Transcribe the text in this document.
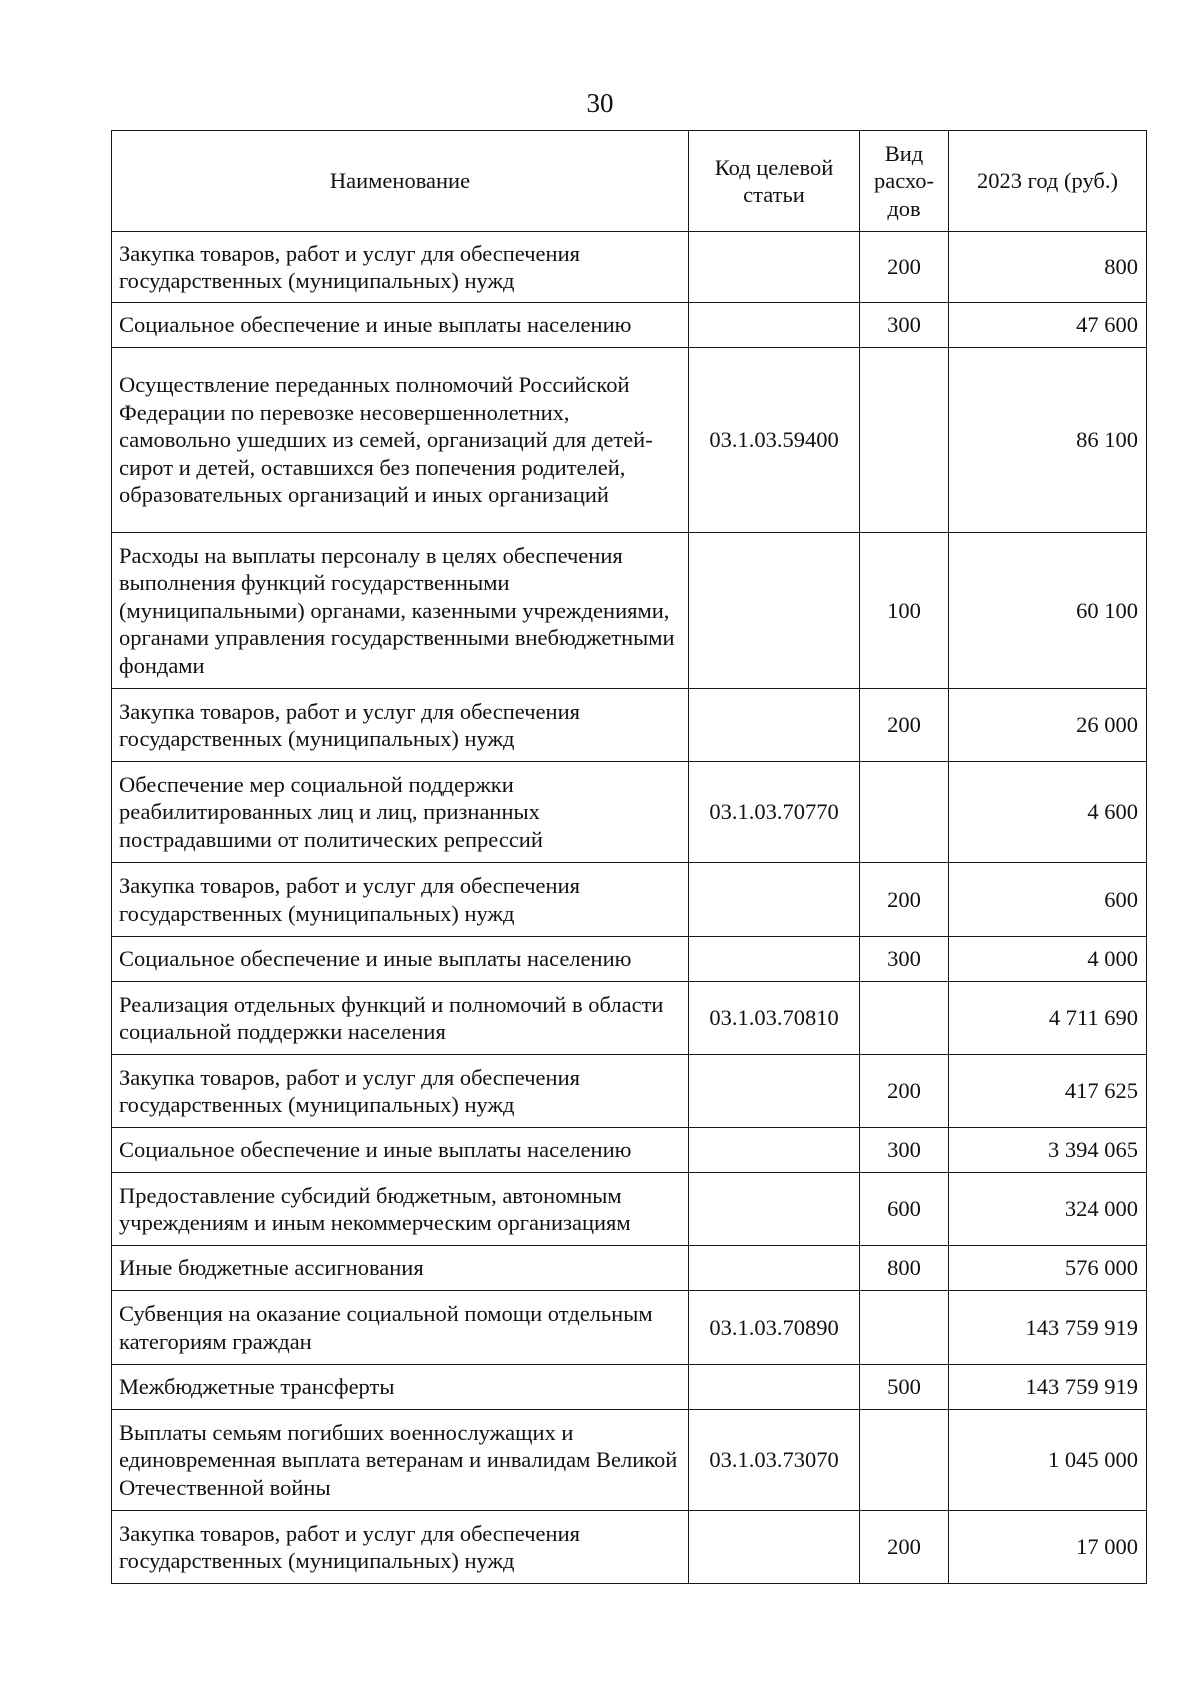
30
Наименование	Код целевой статьи	Вид расхо-дов	2023 год (руб.)
Закупка товаров, работ и услуг для обеспечения государственных (муниципальных) нужд		200	800
Социальное обеспечение и иные выплаты населению		300	47 600
Осуществление переданных полномочий Российской Федерации по перевозке несовершеннолетних, самовольно ушедших из семей, организаций для детей-сирот и детей, оставшихся без попечения родителей, образовательных организаций и иных организаций	03.1.03.59400		86 100
Расходы на выплаты персоналу в целях обеспечения выполнения функций государственными (муниципальными) органами, казенными учреждениями, органами управления государственными внебюджетными фондами		100	60 100
Закупка товаров, работ и услуг для обеспечения государственных (муниципальных) нужд		200	26 000
Обеспечение мер социальной поддержки реабилитированных лиц и лиц, признанных пострадавшими от политических репрессий	03.1.03.70770		4 600
Закупка товаров, работ и услуг для обеспечения государственных (муниципальных) нужд		200	600
Социальное обеспечение и иные выплаты населению		300	4 000
Реализация отдельных функций и полномочий в области социальной поддержки населения	03.1.03.70810		4 711 690
Закупка товаров, работ и услуг для обеспечения государственных (муниципальных) нужд		200	417 625
Социальное обеспечение и иные выплаты населению		300	3 394 065
Предоставление субсидий бюджетным, автономным учреждениям и иным некоммерческим организациям		600	324 000
Иные бюджетные ассигнования		800	576 000
Субвенция на оказание социальной помощи отдельным категориям граждан	03.1.03.70890		143 759 919
Межбюджетные трансферты		500	143 759 919
Выплаты семьям погибших военнослужащих и единовременная выплата ветеранам и инвалидам Великой Отечественной войны	03.1.03.73070		1 045 000
Закупка товаров, работ и услуг для обеспечения государственных (муниципальных) нужд		200	17 000
